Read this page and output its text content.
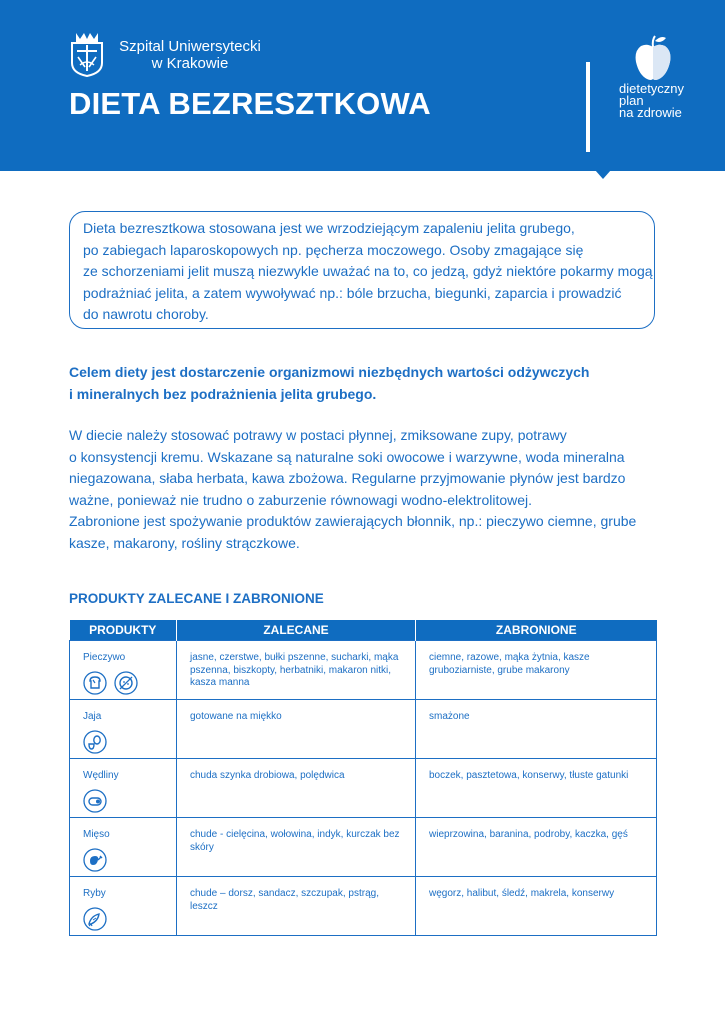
Szpital Uniwersytecki
w Krakowie
DIETA BEZRESZTKOWA	dietetyczny
plan
na zdrowie
Dieta bezresztkowa stosowana jest we wrzodziejącym zapaleniu jelita grubego,
po zabiegach laparoskopowych np. pęcherza moczowego. Osoby zmagające się
ze schorzeniami jelit muszą niezwykle uważać na to, co jedzą, gdyż niektóre pokarmy mogą
podrażniać jelita, a zatem wywoływać np.: bóle brzucha, biegunki, zaparcia i prowadzić
do nawrotu choroby.
Celem diety jest dostarczenie organizmowi niezbędnych wartości odżywczych
i mineralnych bez podrażnienia jelita grubego.
W diecie należy stosować potrawy w postaci płynnej, zmiksowane zupy, potrawy
o konsystencji kremu. Wskazane są naturalne soki owocowe i warzywne, woda mineralna
niegazowana, słaba herbata, kawa zbożowa. Regularne przyjmowanie płynów jest bardzo
ważne, ponieważ nie trudno o zaburzenie równowagi wodno-elektrolitowej.
Zabronione jest spożywanie produktów zawierających błonnik, np.: pieczywo ciemne, grube
kasze, makarony, rośliny strączkowe.
PRODUKTY ZALECANE I ZABRONIONE
PRODUKTY	ZALECANE	ZABRONIONE

Pieczywo	jasne, czerstwe, bułki pszenne, sucharki, mąka pszenna, biszkopty, herbatniki, makaron nitki, kasza manna	ciemne, razowe, mąka żytnia, kasze gruboziarniste, grube makarony

Jaja	gotowane na miękko	smażone

Wędliny	chuda szynka drobiowa, polędwica	boczek, pasztetowa, konserwy, tłuste gatunki

Mięso	chude - cielęcina, wołowina, indyk, kurczak bez skóry	wieprzowina, baranina, podroby, kaczka, gęś

Ryby	chude – dorsz, sandacz, szczupak, pstrąg, leszcz	węgorz, halibut, śledź, makrela, konserwy
